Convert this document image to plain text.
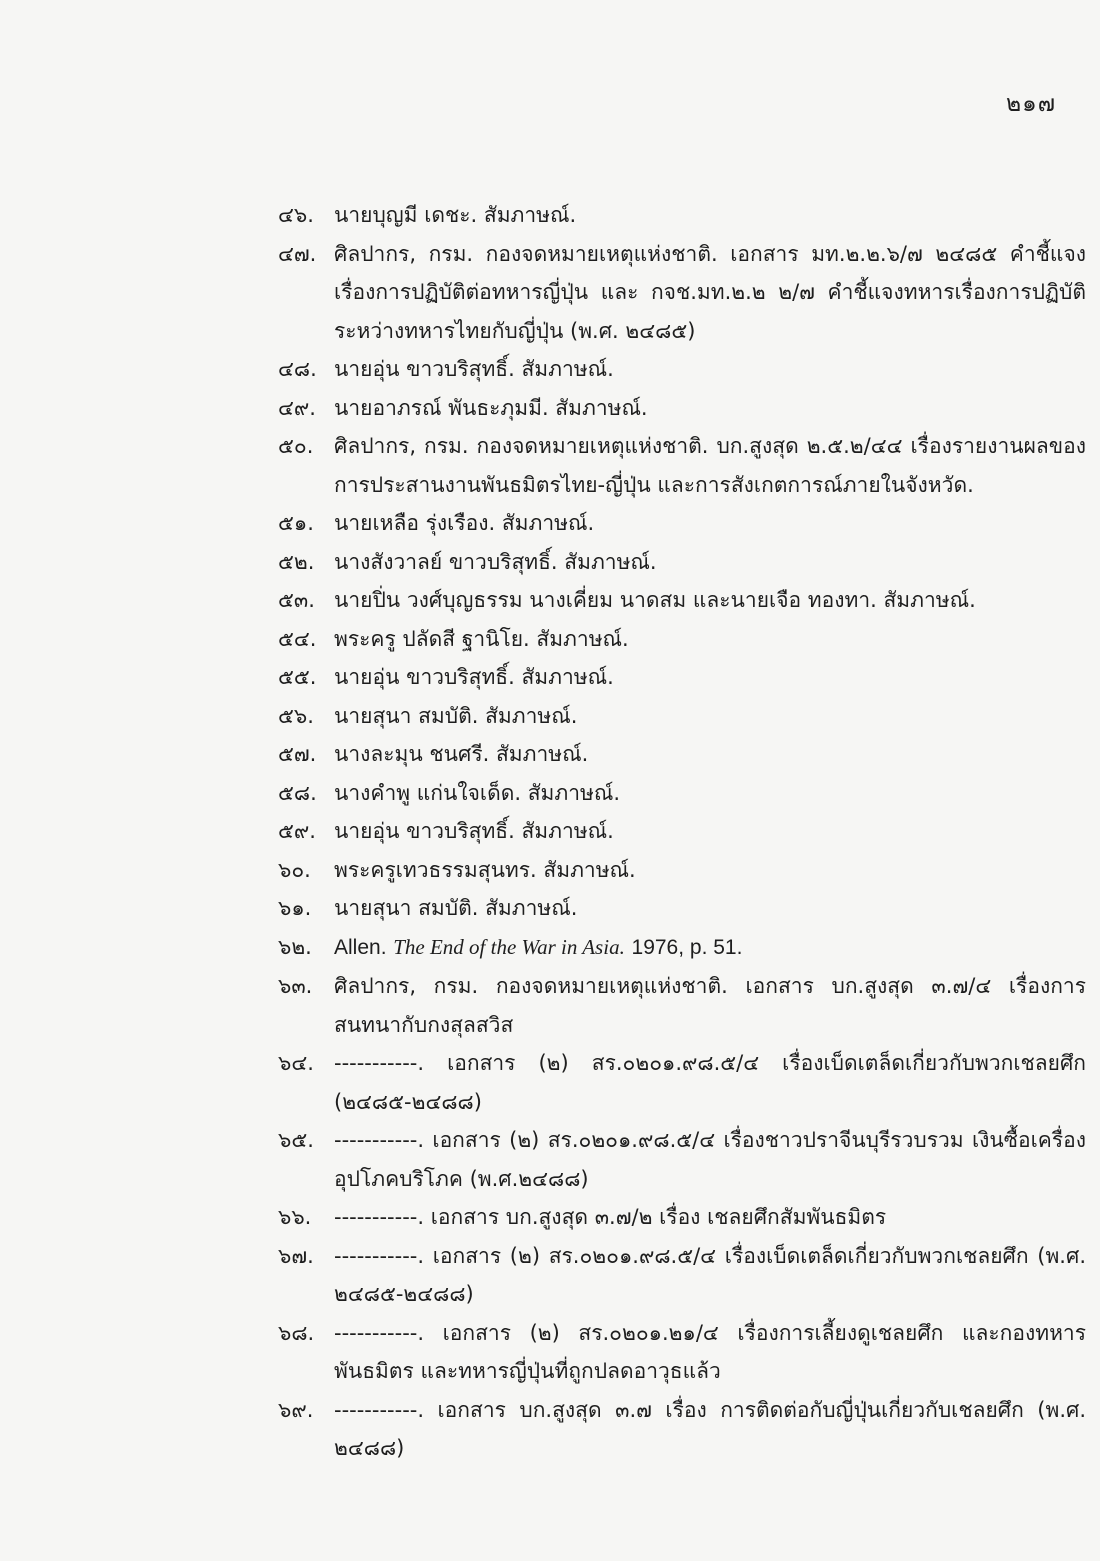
๒๑๗
๔๖. นายบุญมี เดชะ. สัมภาษณ์.
๔๗. ศิลปากร, กรม. กองจดหมายเหตุแห่งชาติ. เอกสาร มท.๒.๒.๖/๗ ๒๔๘๕ คำชี้แจงเรื่องการปฏิบัติต่อทหารญี่ปุ่น และ กจช.มท.๒.๒ ๒/๗ คำชี้แจงทหารเรื่องการปฏิบัติระหว่างทหารไทยกับญี่ปุ่น (พ.ศ. ๒๔๘๕)
๔๘. นายอุ่น ขาวบริสุทธิ์. สัมภาษณ์.
๔๙. นายอาภรณ์ พันธะภุมมี. สัมภาษณ์.
๕๐. ศิลปากร, กรม. กองจดหมายเหตุแห่งชาติ. บก.สูงสุด ๒.๕.๒/๔๔ เรื่องรายงานผลของการประสานงานพันธมิตรไทย-ญี่ปุ่น และการสังเกตการณ์ภายในจังหวัด.
๕๑. นายเหลือ รุ่งเรือง. สัมภาษณ์.
๕๒. นางสังวาลย์ ขาวบริสุทธิ์. สัมภาษณ์.
๕๓. นายปิ่น วงศ์บุญธรรม นางเคี่ยม นาดสม และนายเจือ ทองทา. สัมภาษณ์.
๕๔. พระครู ปลัดสี ฐานิโย. สัมภาษณ์.
๕๕. นายอุ่น ขาวบริสุทธิ์. สัมภาษณ์.
๕๖. นายสุนา สมบัติ. สัมภาษณ์.
๕๗. นางละมุน ชนศรี. สัมภาษณ์.
๕๘. นางคำพู แก่นใจเด็ด. สัมภาษณ์.
๕๙. นายอุ่น ขาวบริสุทธิ์. สัมภาษณ์.
๖๐.	พระครูเทวธรรมสุนทร. สัมภาษณ์.
๖๑.	นายสุนา สมบัติ. สัมภาษณ์.
๖๒.	Allen. The End of the War in Asia. 1976, p. 51.
๖๓.	ศิลปากร, กรม. กองจดหมายเหตุแห่งชาติ. เอกสาร บก.สูงสุด ๓.๗/๔ เรื่องการสนทนากับกงสุลสวิส
๖๔. -----------. เอกสาร (๒) สร.๐๒๐๑.๙๘.๕/๔ เรื่องเบ็ดเตล็ดเกี่ยวกับพวกเชลยศึก (๒๔๘๕-๒๔๘๘)
๖๕. -----------. เอกสาร (๒) สร.๐๒๐๑.๙๘.๕/๔ เรื่องชาวปราจีนบุรีรวบรวม เงินซื้อเครื่องอุปโภคบริโภค (พ.ศ.๒๔๘๘)
๖๖.	-----------. เอกสาร บก.สูงสุด ๓.๗/๒ เรื่อง เชลยศึกสัมพันธมิตร
๖๗. -----------. เอกสาร (๒) สร.๐๒๐๑.๙๘.๕/๔ เรื่องเบ็ดเตล็ดเกี่ยวกับพวกเชลยศึก (พ.ศ. ๒๔๘๕-๒๔๘๘)
๖๘. -----------. เอกสาร (๒) สร.๐๒๐๑.๒๑/๔ เรื่องการเลี้ยงดูเชลยศึก และกองทหารพันธมิตร และทหารญี่ปุ่นที่ถูกปลดอาวุธแล้ว
๖๙. -----------. เอกสาร บก.สูงสุด ๓.๗ เรื่อง การติดต่อกับญี่ปุ่นเกี่ยวกับเชลยศึก (พ.ศ. ๒๔๘๘)
